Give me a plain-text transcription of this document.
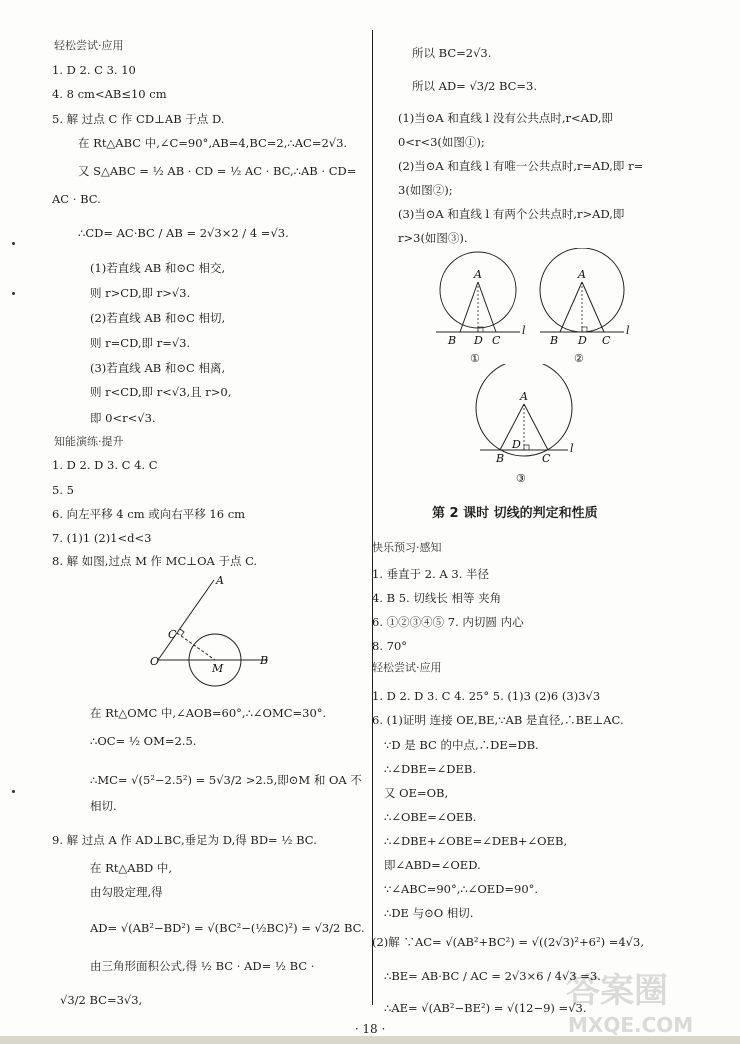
A
C
O
M
B
A
B D C
l
①
A
B D C
l
②
A
B
D
C
l
③
· 18 ·
答案圈
MXQE.COM
轻松尝试·应用
1. D 2. C 3. 10
4. 8 cm<AB≤10 cm
5. 解 过点 C 作 CD⊥AB 于点 D.
在 Rt△ABC 中,∠C=90°,AB=4,BC=2,∴AC=2√3.
又 S△ABC = ½ AB · CD = ½ AC · BC,∴AB · CD=
AC · BC.
∴CD= AC·BC / AB = 2√3×2 / 4 =√3.
(1)若直线 AB 和⊙C 相交,
则 r>CD,即 r>√3.
(2)若直线 AB 和⊙C 相切,
则 r=CD,即 r=√3.
(3)若直线 AB 和⊙C 相离,
则 r<CD,即 r<√3,且 r>0,
即 0<r<√3.
知能演练·提升
1. D 2. D 3. C 4. C
5. 5
6. 向左平移 4 cm 或向右平移 16 cm
7. (1)1 (2)1<d<3
8. 解 如图,过点 M 作 MC⊥OA 于点 C.
在 Rt△OMC 中,∠AOB=60°,∴∠OMC=30°.
∴OC= ½ OM=2.5.
∴MC= √(5²−2.5²) = 5√3/2 >2.5,即⊙M 和 OA 不
相切.
9. 解 过点 A 作 AD⊥BC,垂足为 D,得 BD= ½ BC.
在 Rt△ABD 中,
由勾股定理,得
AD= √(AB²−BD²) = √(BC²−(½BC)²) = √3/2 BC.
由三角形面积公式,得 ½ BC · AD= ½ BC ·
√3/2 BC=3√3,
所以 BC=2√3.
所以 AD= √3/2 BC=3.
(1)当⊙A 和直线 l 没有公共点时,r<AD,即
0<r<3(如图①);
(2)当⊙A 和直线 l 有唯一公共点时,r=AD,即 r=
3(如图②);
(3)当⊙A 和直线 l 有两个公共点时,r>AD,即
r>3(如图③).
第 2 课时 切线的判定和性质
快乐预习·感知
1. 垂直于 2. A 3. 半径
4. B 5. 切线长 相等 夹角
6. ①②③④⑤ 7. 内切圆 内心
8. 70°
轻松尝试·应用
1. D 2. D 3. C 4. 25° 5. (1)3 (2)6 (3)3√3
6. (1)证明 连接 OE,BE,∵AB 是直径,∴BE⊥AC.
∵D 是 BC 的中点,∴DE=DB.
∴∠DBE=∠DEB.
又 OE=OB,
∴∠OBE=∠OEB.
∴∠DBE+∠OBE=∠DEB+∠OEB,
即∠ABD=∠OED.
∵∠ABC=90°,∴∠OED=90°.
∴DE 与⊙O 相切.
(2)解 ∵AC= √(AB²+BC²) = √((2√3)²+6²) =4√3,
∴BE= AB·BC / AC = 2√3×6 / 4√3 =3.
∴AE= √(AB²−BE²) = √(12−9) =√3.
